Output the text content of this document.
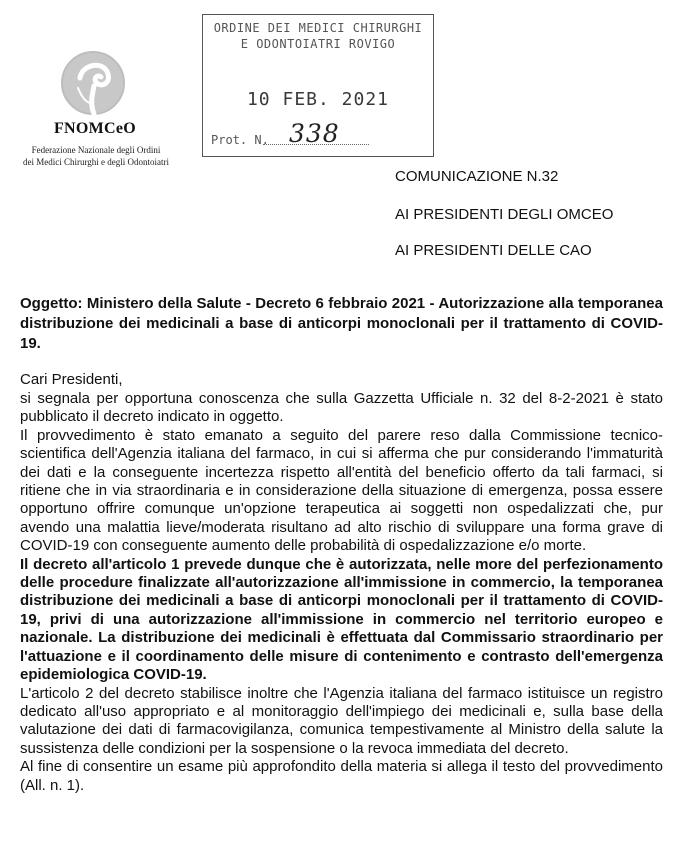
FNOMCeO
Federazione Nazionale degli Ordini
dei Medici Chirurghi e degli Odontoiatri
ORDINE DEI MEDICI CHIRURGHI
E ODONTOIATRI ROVIGO
10 FEB. 2021
Prot. N. 338
COMUNICAZIONE N.32
AI PRESIDENTI DEGLI OMCEO
AI PRESIDENTI DELLE CAO

Oggetto: Ministero della Salute - Decreto 6 febbraio 2021 - Autorizzazione alla temporanea distribuzione dei medicinali a base di anticorpi monoclonali per il trattamento di COVID-19.

Cari Presidenti,

si segnala per opportuna conoscenza che sulla Gazzetta Ufficiale n. 32 del 8-2-2021 è stato pubblicato il decreto indicato in oggetto.

Il provvedimento è stato emanato a seguito del parere reso dalla Commissione tecnico-scientifica dell'Agenzia italiana del farmaco, in cui si afferma che pur considerando l'immaturità dei dati e la conseguente incertezza rispetto all'entità del beneficio offerto da tali farmaci, si ritiene che in via straordinaria e in considerazione della situazione di emergenza, possa essere opportuno offrire comunque un'opzione terapeutica ai soggetti non ospedalizzati che, pur avendo una malattia lieve/moderata risultano ad alto rischio di sviluppare una forma grave di COVID-19 con conseguente aumento delle probabilità di ospedalizzazione e/o morte.

Il decreto all'articolo 1 prevede dunque che è autorizzata, nelle more del perfezionamento delle procedure finalizzate all'autorizzazione all'immissione in commercio, la temporanea distribuzione dei medicinali a base di anticorpi monoclonali per il trattamento di COVID-19, privi di una autorizzazione all'immissione in commercio nel territorio europeo e nazionale. La distribuzione dei medicinali è effettuata dal Commissario straordinario per l'attuazione e il coordinamento delle misure di contenimento e contrasto dell'emergenza epidemiologica COVID-19.

L'articolo 2 del decreto stabilisce inoltre che l'Agenzia italiana del farmaco istituisce un registro dedicato all'uso appropriato e al monitoraggio dell'impiego dei medicinali e, sulla base della valutazione dei dati di farmacovigilanza, comunica tempestivamente al Ministro della salute la sussistenza delle condizioni per la sospensione o la revoca immediata del decreto.

Al fine di consentire un esame più approfondito della materia si allega il testo del provvedimento (All. n. 1).
